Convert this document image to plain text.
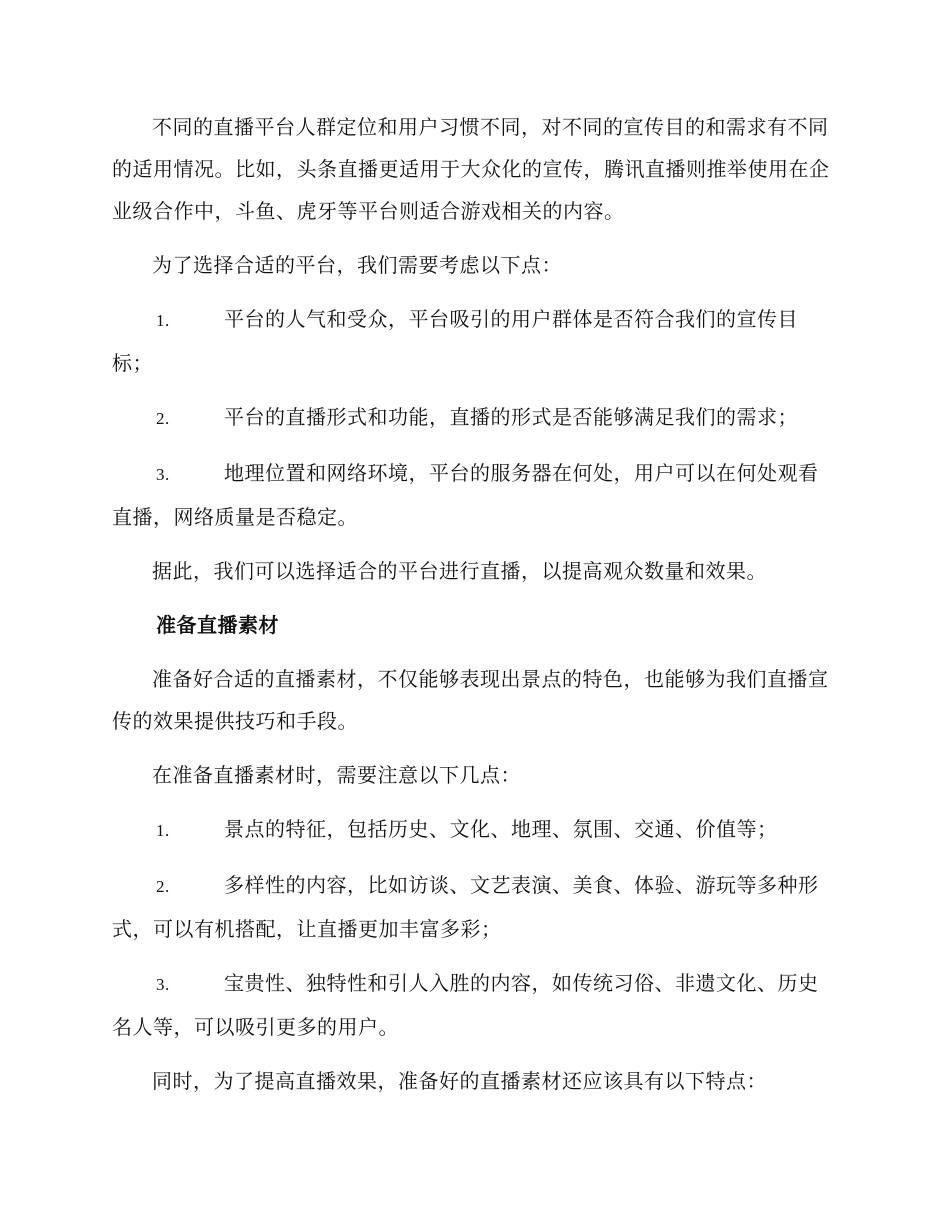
不同的直播平台人群定位和用户习惯不同，对不同的宣传目的和需求有不同的适用情况。比如，头条直播更适用于大众化的宣传，腾讯直播则推举使用在企业级合作中，斗鱼、虎牙等平台则适合游戏相关的内容。

为了选择合适的平台，我们需要考虑以下点：

1.	平台的人气和受众，平台吸引的用户群体是否符合我们的宣传目标；

2.	平台的直播形式和功能，直播的形式是否能够满足我们的需求；

3.	地理位置和网络环境，平台的服务器在何处，用户可以在何处观看直播，网络质量是否稳定。

据此，我们可以选择适合的平台进行直播，以提高观众数量和效果。

准备直播素材

准备好合适的直播素材，不仅能够表现出景点的特色，也能够为我们直播宣传的效果提供技巧和手段。

在准备直播素材时，需要注意以下几点：

1.	景点的特征，包括历史、文化、地理、氛围、交通、价值等；

2.	多样性的内容，比如访谈、文艺表演、美食、体验、游玩等多种形式，可以有机搭配，让直播更加丰富多彩；

3.	宝贵性、独特性和引人入胜的内容，如传统习俗、非遗文化、历史名人等，可以吸引更多的用户。

同时，为了提高直播效果，准备好的直播素材还应该具有以下特点：
